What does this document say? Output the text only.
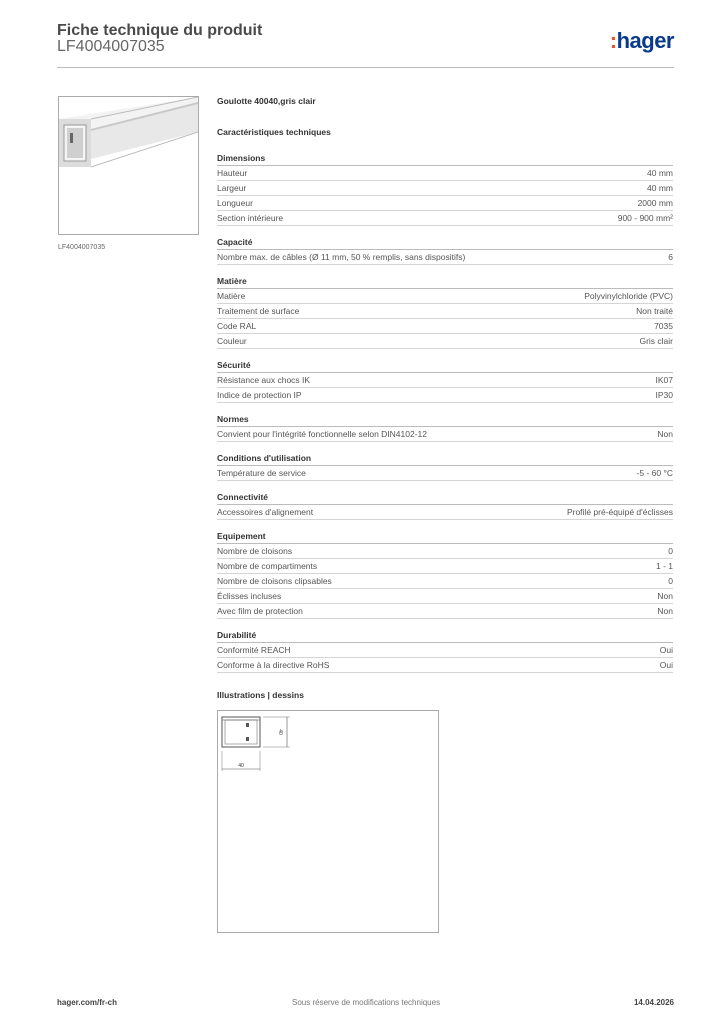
Fiche technique du produit
LF4004007035	:hager
LF4004007035
Goulotte 40040,gris clair
Caractéristiques techniques
Dimensions
Hauteur	40 mm
Largeur	40 mm
Longueur	2000 mm
Section intérieure	900 - 900 mm²
Capacité
Nombre max. de câbles (Ø 11 mm, 50 % remplis, sans dispositifs)	6
Matière
Matière	Polyvinylchloride (PVC)
Traitement de surface	Non traité
Code RAL	7035
Couleur	Gris clair
Sécurité
Résistance aux chocs IK	IK07
Indice de protection IP	IP30
Normes
Convient pour l'intégrité fonctionnelle selon DIN4102-12	Non
Conditions d'utilisation
Température de service	-5 - 60 °C
Connectivité
Accessoires d'alignement	Profilé pré-équipé d'éclisses
Equipement
Nombre de cloisons	0
Nombre de compartiments	1 - 1
Nombre de cloisons clipsables	0
Éclisses incluses	Non
Avec film de protection	Non
Durabilité
Conformité REACH	Oui
Conforme à la directive RoHS	Oui
Illustrations | dessins
40
40
hager.com/fr-ch	Sous réserve de modifications techniques	14.04.2026
